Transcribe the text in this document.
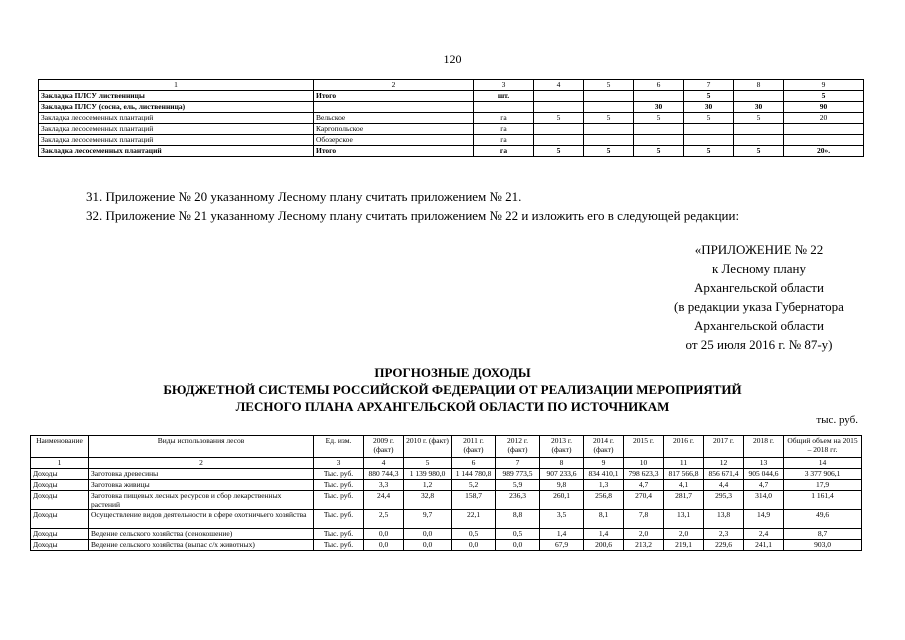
120
1	2	3	4	5	6	7	8	9
Закладка ПЛСУ лиственницы	Итого	шт.				5		5
Закладка ПЛСУ (сосна, ель, лиственница)					30	30	30	90
Закладка лесосеменных плантаций	Вельское	га	5	5	5	5	5	20
Закладка лесосеменных плантаций	Каргопольское	га						
Закладка лесосеменных плантаций	Обозерское	га						
Закладка лесосеменных плантаций	Итого	га	5	5	5	5	5	20».
31. Приложение № 20 указанному Лесному плану считать приложением № 21.
32. Приложение № 21 указанному Лесному плану считать приложением № 22 и изложить его в следующей редакции:
«ПРИЛОЖЕНИЕ № 22
к Лесному плану
Архангельской области
(в редакции указа Губернатора
Архангельской области
от 25 июля 2016 г. № 87-у)
ПРОГНОЗНЫЕ ДОХОДЫ
БЮДЖЕТНОЙ СИСТЕМЫ РОССИЙСКОЙ ФЕДЕРАЦИИ ОТ РЕАЛИЗАЦИИ МЕРОПРИЯТИЙ
ЛЕСНОГО ПЛАНА АРХАНГЕЛЬСКОЙ ОБЛАСТИ ПО ИСТОЧНИКАМ
тыс. руб.
Наименование	Виды использования лесов	Ед. изм.	2009 г. (факт)	2010 г. (факт)	2011 г. (факт)	2012 г. (факт)	2013 г. (факт)	2014 г. (факт)	2015 г.	2016 г.	2017 г.	2018 г.	Общий объем на 2015 – 2018 гг.
1	2	3	4	5	6	7	8	9	10	11	12	13	14
Доходы	Заготовка древесины	Тыс. руб.	880 744,3	1 139 980,0	1 144 780,8	989 773,5	907 233,6	834 410,1	798 623,3	817 566,8	856 671,4	905 044,6	3 377 906,1
Доходы	Заготовка живицы	Тыс. руб.	3,3	1,2	5,2	5,9	9,8	1,3	4,7	4,1	4,4	4,7	17,9
Доходы	Заготовка пищевых лесных ресурсов и сбор лекарственных растений	Тыс. руб.	24,4	32,8	158,7	236,3	260,1	256,8	270,4	281,7	295,3	314,0	1 161,4
Доходы	Осуществление видов деятельности в сфере охотничьего хозяйства	Тыс. руб.	2,5	9,7	22,1	8,8	3,5	8,1	7,8	13,1	13,8	14,9	49,6
Доходы	Ведение сельского хозяйства (сенокошение)	Тыс. руб.	0,0	0,0	0,5	0,5	1,4	1,4	2,0	2,0	2,3	2,4	8,7
Доходы	Ведение сельского хозяйства (выпас с/х животных)	Тыс. руб.	0,0	0,0	0,0	0,0	67,9	200,6	213,2	219,1	229,6	241,1	903,0
